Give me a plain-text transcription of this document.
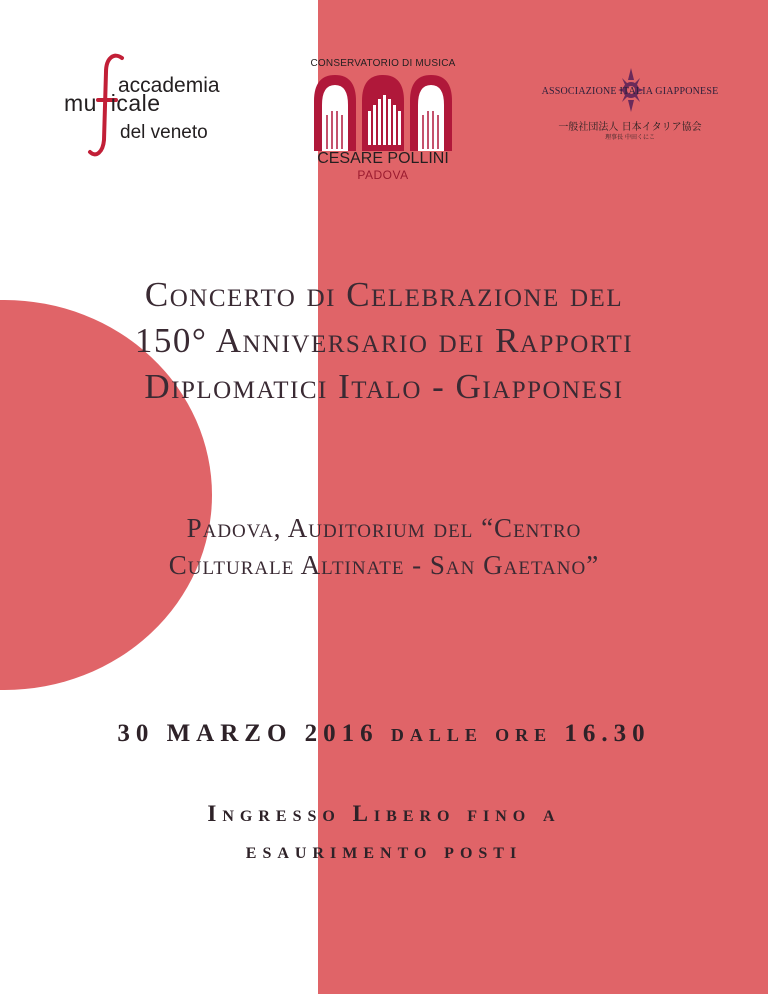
accademia
mu  icale
del veneto
CONSERVATORIO DI MUSICA
CESARE POLLINI
PADOVA
ASSOCIAZIONE ITALIA GIAPPONESE
一般社団法人 日本イタリア協会
理事長 中田くにこ
Concerto di Celebrazione del
150° Anniversario dei Rapporti
Diplomatici Italo - Giapponesi
Padova, Auditorium del “Centro
Culturale Altinate - San Gaetano”
30 MARZO 2016 dalle ore 16.30
Ingresso Libero fino a
esaurimento posti
